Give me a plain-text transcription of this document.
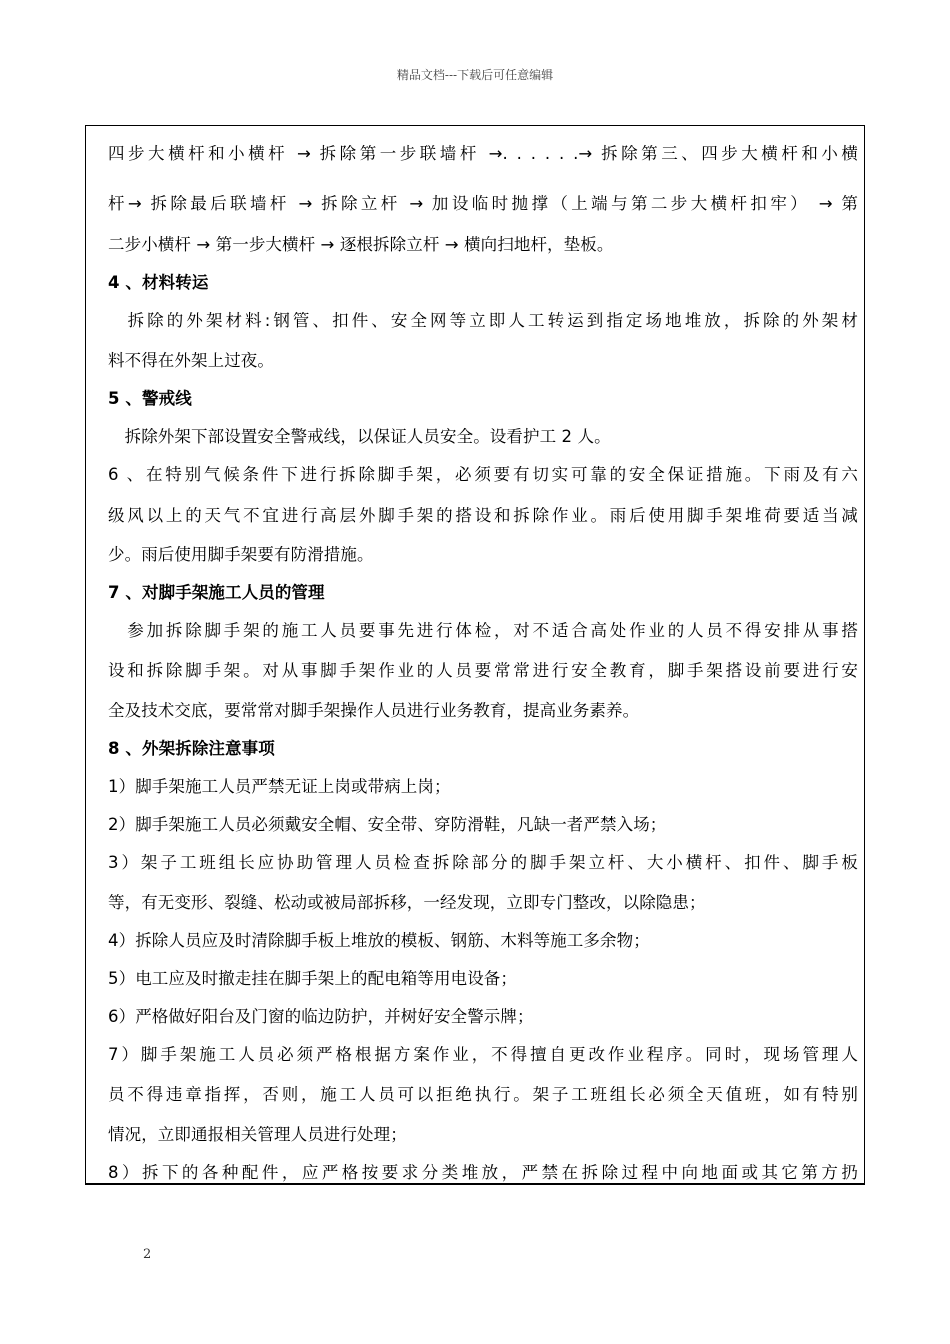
精品文档---下载后可任意编辑
四步大横杆和小横杆 → 拆除第一步联墙杆 →. . . . . .→ 拆除第三、四步大横杆和小横
杆→ 拆除最后联墙杆 → 拆除立杆 → 加设临时抛撑（上端与第二步大横杆扣牢） → 第
二步小横杆 → 第一步大横杆 → 逐根拆除立杆 → 横向扫地杆，垫板。
4 、材料转运
　拆除的外架材料:钢管、扣件、安全网等立即人工转运到指定场地堆放，拆除的外架材
料不得在外架上过夜。
5 、警戒线
　拆除外架下部设置安全警戒线，以保证人员安全。设看护工 2 人。
6 、在特别气候条件下进行拆除脚手架，必须要有切实可靠的安全保证措施。下雨及有六
级风以上的天气不宜进行高层外脚手架的搭设和拆除作业。雨后使用脚手架堆荷要适当减
少。雨后使用脚手架要有防滑措施。
7 、对脚手架施工人员的管理
　参加拆除脚手架的施工人员要事先进行体检，对不适合高处作业的人员不得安排从事搭
设和拆除脚手架。对从事脚手架作业的人员要常常进行安全教育，脚手架搭设前要进行安
全及技术交底，要常常对脚手架操作人员进行业务教育，提高业务素养。
8 、外架拆除注意事项
1）脚手架施工人员严禁无证上岗或带病上岗；
2）脚手架施工人员必须戴安全帽、安全带、穿防滑鞋，凡缺一者严禁入场；
3）架子工班组长应协助管理人员检查拆除部分的脚手架立杆、大小横杆、扣件、脚手板
等，有无变形、裂缝、松动或被局部拆移，一经发现，立即专门整改，以除隐患；
4）拆除人员应及时清除脚手板上堆放的模板、钢筋、木料等施工多余物；
5）电工应及时撤走挂在脚手架上的配电箱等用电设备；
6）严格做好阳台及门窗的临边防护，并树好安全警示牌；
7）脚手架施工人员必须严格根据方案作业，不得擅自更改作业程序。同时，现场管理人
员不得违章指挥，否则，施工人员可以拒绝执行。架子工班组长必须全天值班，如有特别
情况，立即通报相关管理人员进行处理；
8）拆下的各种配件，应严格按要求分类堆放，严禁在拆除过程中向地面或其它第方扔
2
